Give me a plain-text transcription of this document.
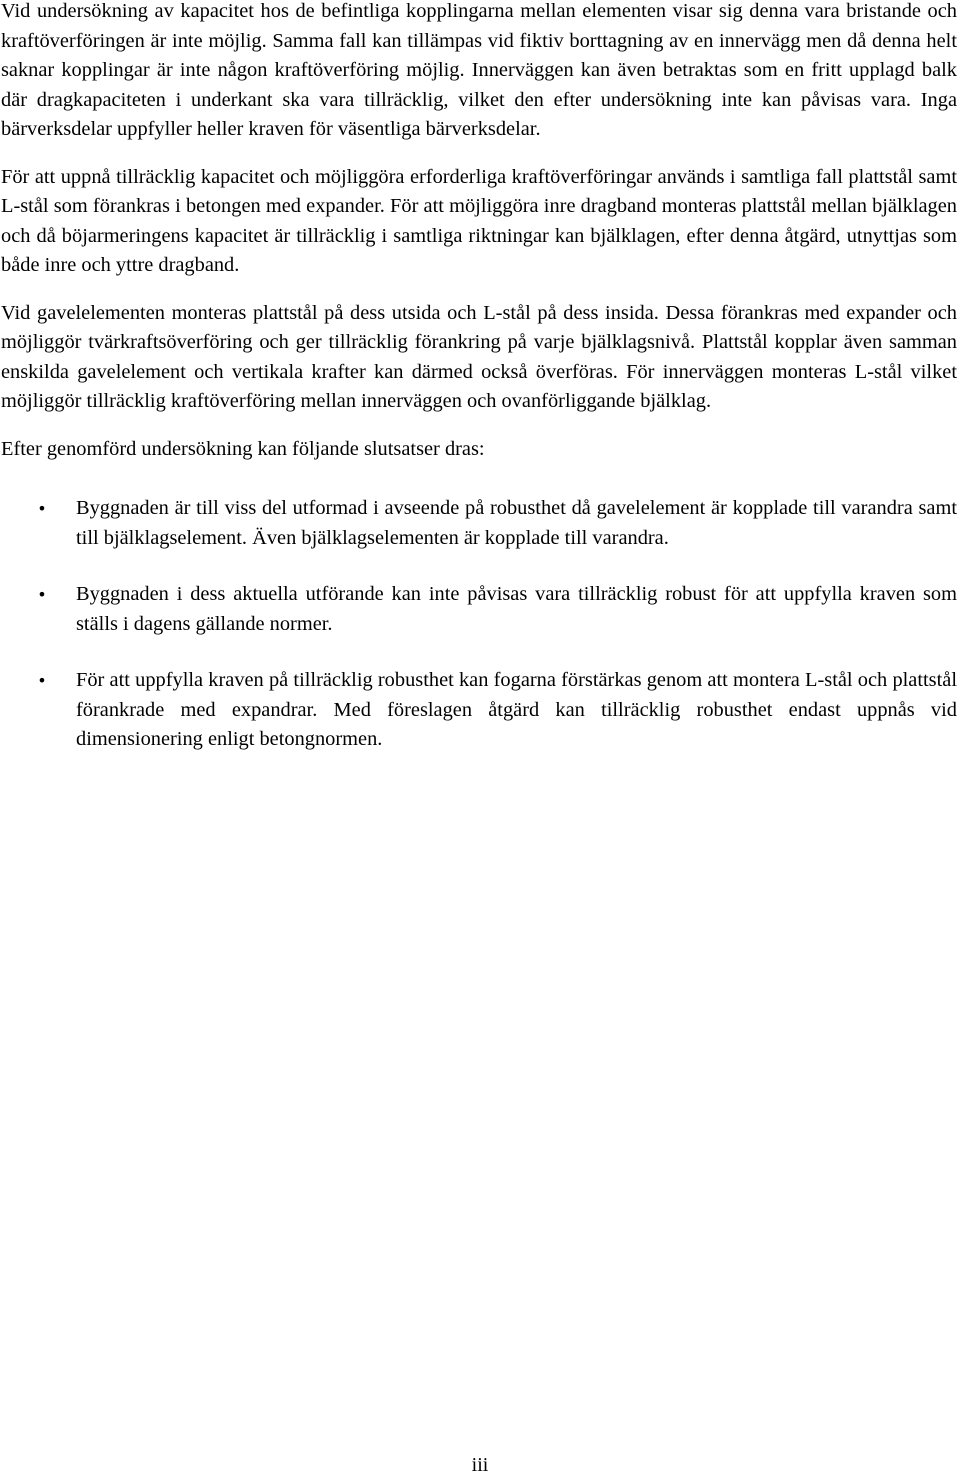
Vid undersökning av kapacitet hos de befintliga kopplingarna mellan elementen visar sig denna vara bristande och kraftöverföringen är inte möjlig. Samma fall kan tillämpas vid fiktiv borttagning av en innervägg men då denna helt saknar kopplingar är inte någon kraftöverföring möjlig. Innerväggen kan även betraktas som en fritt upplagd balk där dragkapaciteten i underkant ska vara tillräcklig, vilket den efter undersökning inte kan påvisas vara. Inga bärverksdelar uppfyller heller kraven för väsentliga bärverksdelar.

För att uppnå tillräcklig kapacitet och möjliggöra erforderliga kraftöverföringar används i samtliga fall plattstål samt L-stål som förankras i betongen med expander. För att möjliggöra inre dragband monteras plattstål mellan bjälklagen och då böjarmeringens kapacitet är tillräcklig i samtliga riktningar kan bjälklagen, efter denna åtgärd, utnyttjas som både inre och yttre dragband.

Vid gavelelementen monteras plattstål på dess utsida och L-stål på dess insida. Dessa förankras med expander och möjliggör tvärkraftsöverföring och ger tillräcklig förankring på varje bjälklagsnivå. Plattstål kopplar även samman enskilda gavelelement och vertikala krafter kan därmed också överföras. För innerväggen monteras L-stål vilket möjliggör tillräcklig kraftöverföring mellan innerväggen och ovanförliggande bjälklag.

Efter genomförd undersökning kan följande slutsatser dras:

• Byggnaden är till viss del utformad i avseende på robusthet då gavelelement är kopplade till varandra samt till bjälklagselement. Även bjälklagselementen är kopplade till varandra.
• Byggnaden i dess aktuella utförande kan inte påvisas vara tillräcklig robust för att uppfylla kraven som ställs i dagens gällande normer.
• För att uppfylla kraven på tillräcklig robusthet kan fogarna förstärkas genom att montera L-stål och plattstål förankrade med expandrar. Med föreslagen åtgärd kan tillräcklig robusthet endast uppnås vid dimensionering enligt betongnormen.
iii
